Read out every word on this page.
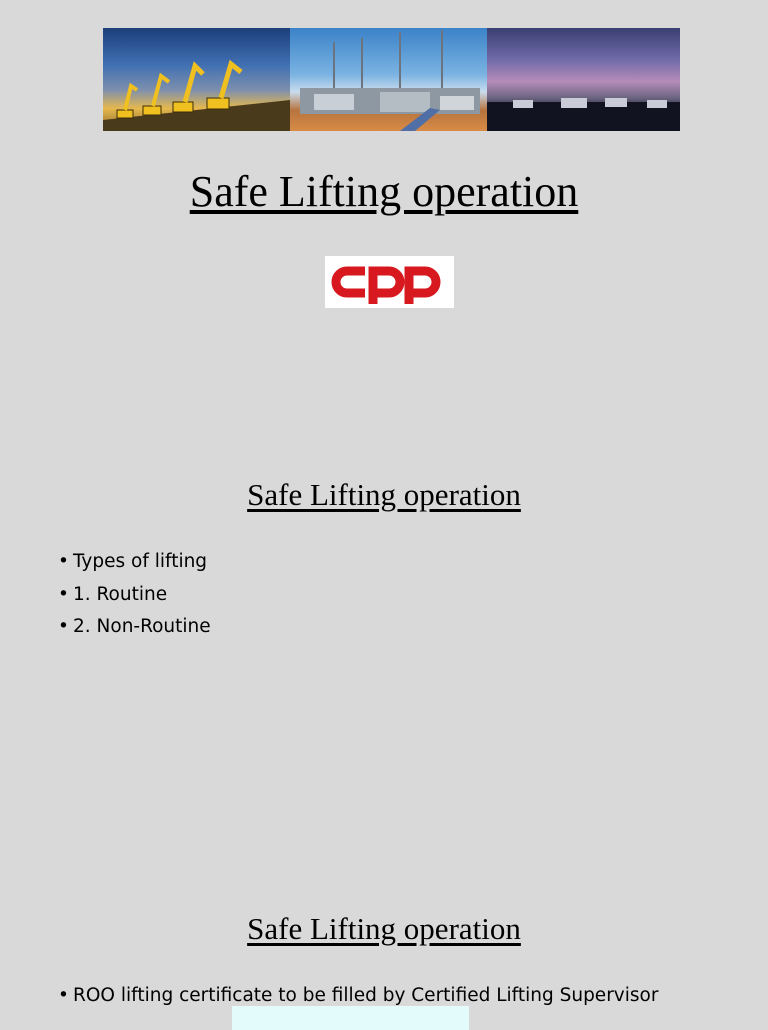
Safe Lifting operation
Safe Lifting operation
• Types of lifting
• 1. Routine
• 2. Non-Routine
Safe Lifting operation
• ROO lifting certificate to be filled by Certified Lifting Supervisor
